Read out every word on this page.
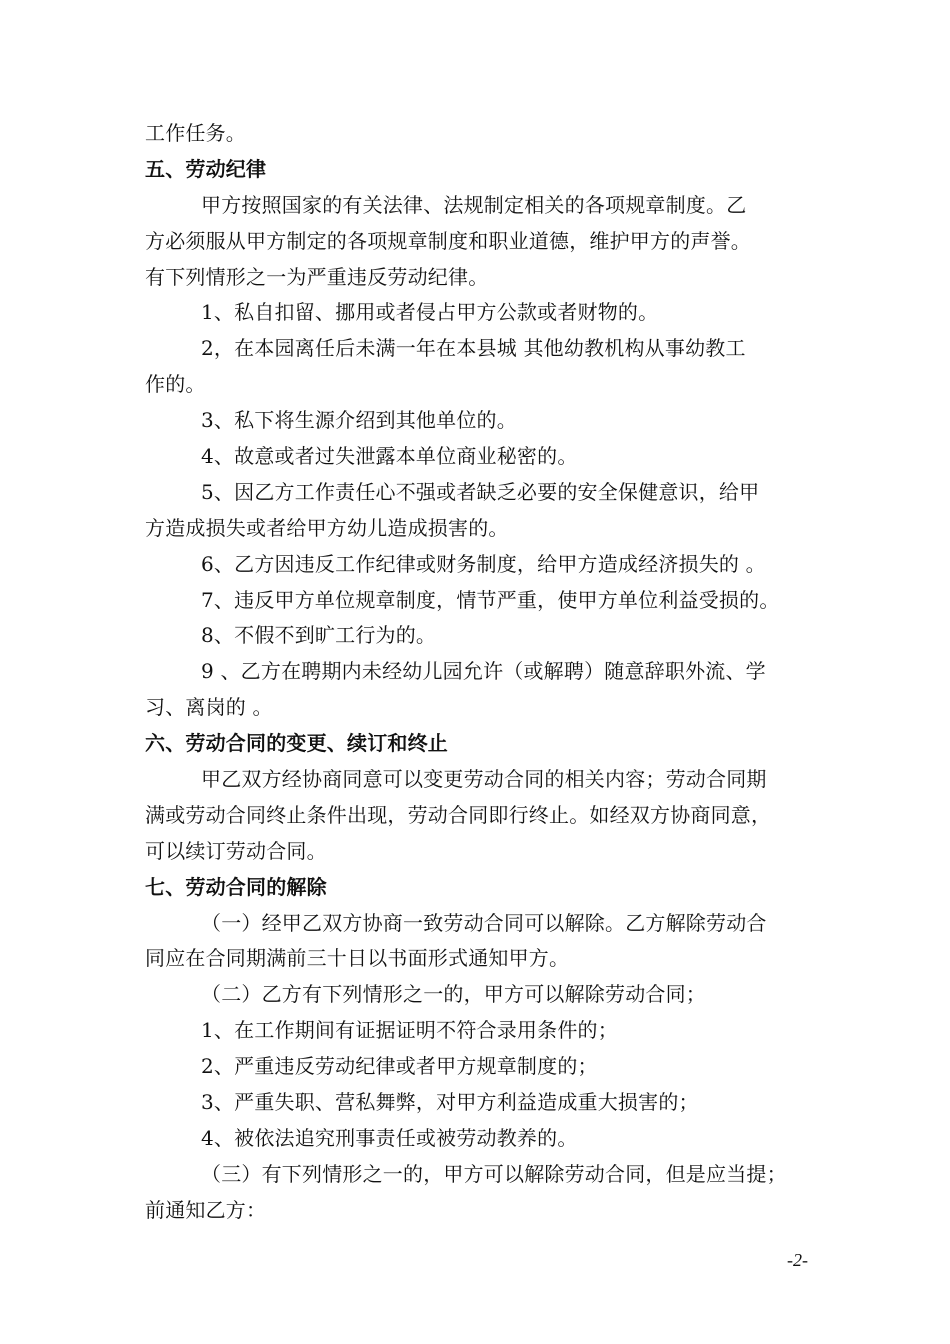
工作任务。
五、劳动纪律
甲方按照国家的有关法律、法规制定相关的各项规章制度。乙
方必须服从甲方制定的各项规章制度和职业道德，维护甲方的声誉。
有下列情形之一为严重违反劳动纪律。
1、私自扣留、挪用或者侵占甲方公款或者财物的。
2，在本园离任后未满一年在本县城 其他幼教机构从事幼教工
作的。
3、私下将生源介绍到其他单位的。
4、故意或者过失泄露本单位商业秘密的。
5、因乙方工作责任心不强或者缺乏必要的安全保健意识，给甲
方造成损失或者给甲方幼儿造成损害的。
6、乙方因违反工作纪律或财务制度，给甲方造成经济损失的 。
7、违反甲方单位规章制度，情节严重，使甲方单位利益受损的。
8、不假不到旷工行为的。
9 、乙方在聘期内未经幼儿园允许（或解聘）随意辞职外流、学
习、离岗的 。
六、劳动合同的变更、续订和终止
甲乙双方经协商同意可以变更劳动合同的相关内容；劳动合同期
满或劳动合同终止条件出现，劳动合同即行终止。如经双方协商同意，
可以续订劳动合同。
七、劳动合同的解除
（一）经甲乙双方协商一致劳动合同可以解除。乙方解除劳动合
同应在合同期满前三十日以书面形式通知甲方。
（二）乙方有下列情形之一的，甲方可以解除劳动合同；
1、在工作期间有证据证明不符合录用条件的；
2、严重违反劳动纪律或者甲方规章制度的；
3、严重失职、营私舞弊，对甲方利益造成重大损害的；
4、被依法追究刑事责任或被劳动教养的。
（三）有下列情形之一的，甲方可以解除劳动合同，但是应当提；
前通知乙方：
-2-
